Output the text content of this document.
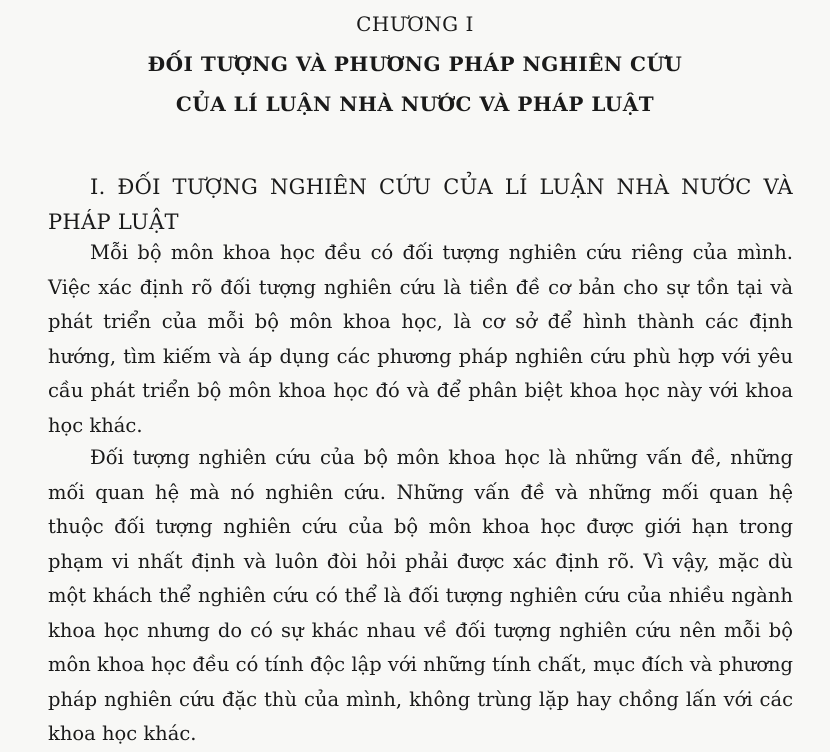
CHƯƠNG I
ĐỐI TƯỢNG VÀ PHƯƠNG PHÁP NGHIÊN CỨU
CỦA LÍ LUẬN NHÀ NƯỚC VÀ PHÁP LUẬT
I. ĐỐI TƯỢNG NGHIÊN CỨU CỦA LÍ LUẬN NHÀ NƯỚC VÀ PHÁP LUẬT

Mỗi bộ môn khoa học đều có đối tượng nghiên cứu riêng của mình. Việc xác định rõ đối tượng nghiên cứu là tiền đề cơ bản cho sự tồn tại và phát triển của mỗi bộ môn khoa học, là cơ sở để hình thành các định hướng, tìm kiếm và áp dụng các phương pháp nghiên cứu phù hợp với yêu cầu phát triển bộ môn khoa học đó và để phân biệt khoa học này với khoa học khác.

Đối tượng nghiên cứu của bộ môn khoa học là những vấn đề, những mối quan hệ mà nó nghiên cứu. Những vấn đề và những mối quan hệ thuộc đối tượng nghiên cứu của bộ môn khoa học được giới hạn trong phạm vi nhất định và luôn đòi hỏi phải được xác định rõ. Vì vậy, mặc dù một khách thể nghiên cứu có thể là đối tượng nghiên cứu của nhiều ngành khoa học nhưng do có sự khác nhau về đối tượng nghiên cứu nên mỗi bộ môn khoa học đều có tính độc lập với những tính chất, mục đích và phương pháp nghiên cứu đặc thù của mình, không trùng lặp hay chồng lấn với các khoa học khác.
